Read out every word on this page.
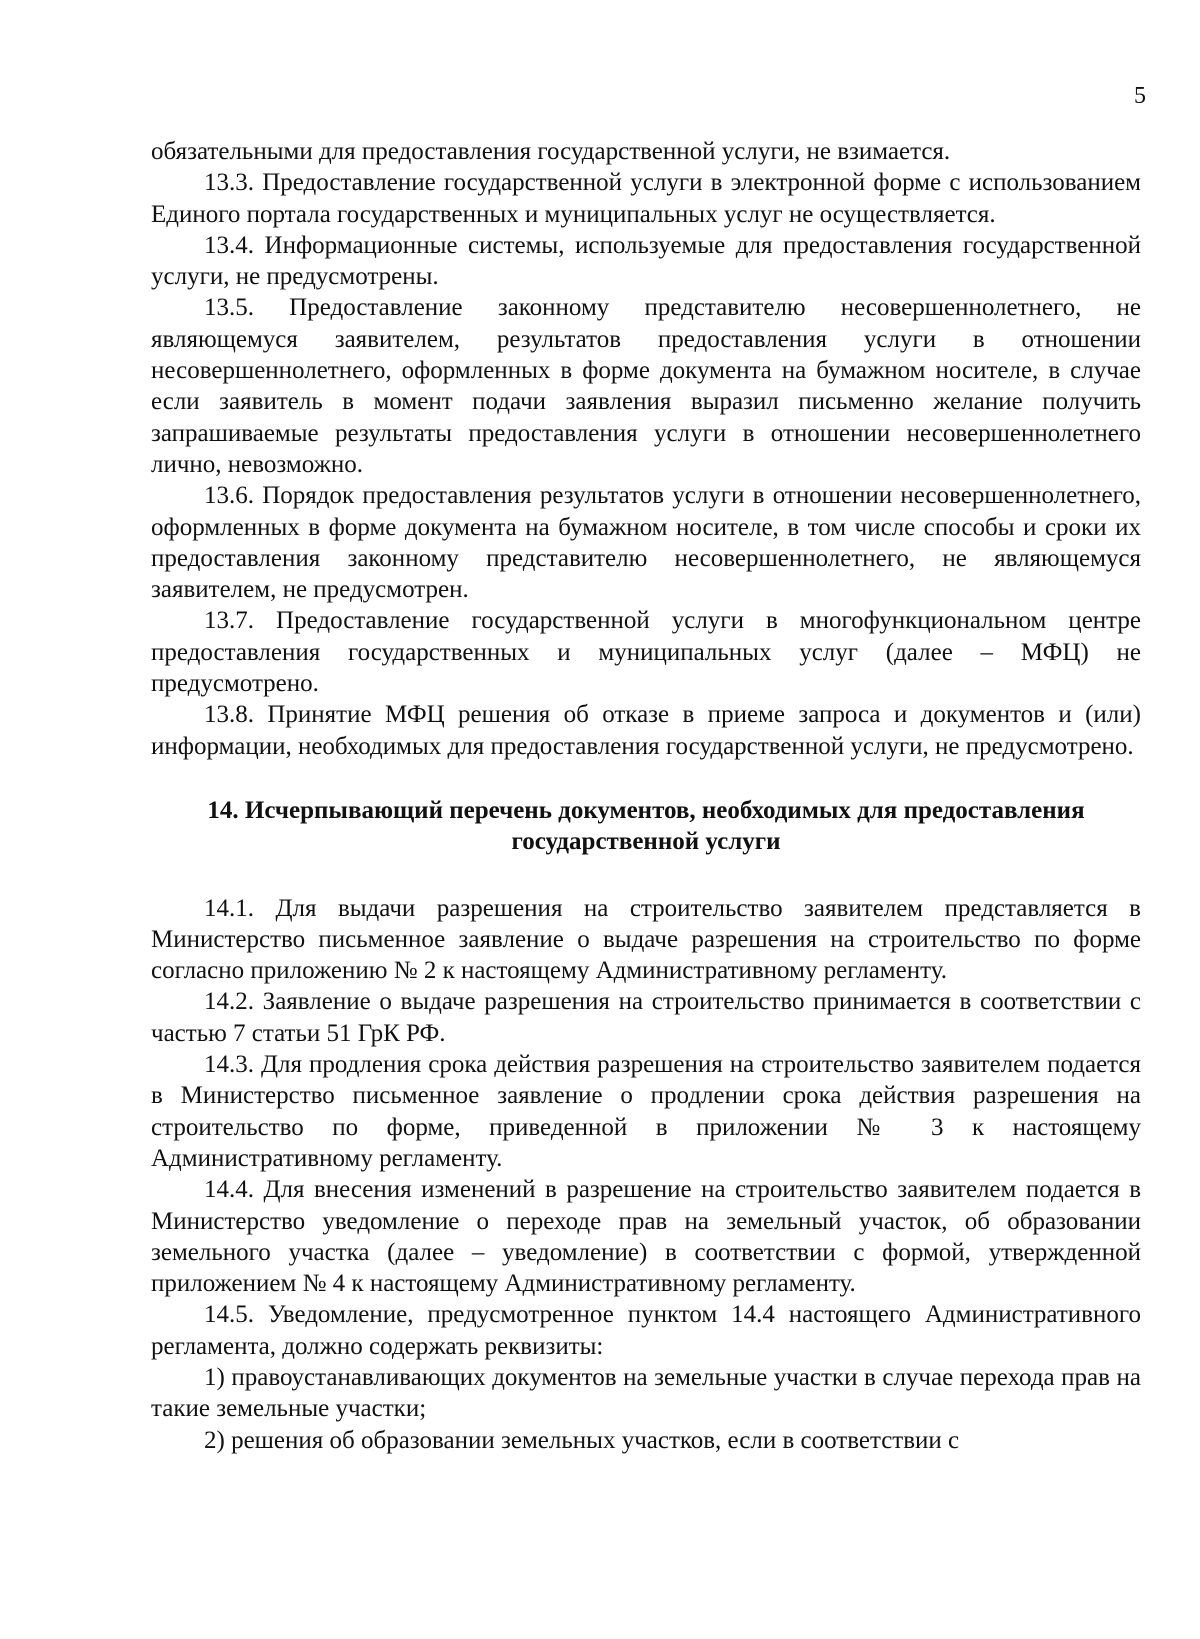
5

обязательными для предоставления государственной услуги, не взимается.

13.3. Предоставление государственной услуги в электронной форме с использованием Единого портала государственных и муниципальных услуг не осуществляется.

13.4. Информационные системы, используемые для предоставления государственной услуги, не предусмотрены.

13.5. Предоставление законному представителю несовершеннолетнего, не являющемуся заявителем, результатов предоставления услуги в отношении несовершеннолетнего, оформленных в форме документа на бумажном носителе, в случае если заявитель в момент подачи заявления выразил письменно желание получить запрашиваемые результаты предоставления услуги в отношении несовершеннолетнего лично, невозможно.

13.6. Порядок предоставления результатов услуги в отношении несовершеннолетнего, оформленных в форме документа на бумажном носителе, в том числе способы и сроки их предоставления законному представителю несовершеннолетнего, не являющемуся заявителем, не предусмотрен.

13.7. Предоставление государственной услуги в многофункциональном центре предоставления государственных и муниципальных услуг (далее – МФЦ) не предусмотрено.

13.8. Принятие МФЦ решения об отказе в приеме запроса и документов и (или) информации, необходимых для предоставления государственной услуги, не предусмотрено.

14. Исчерпывающий перечень документов, необходимых для предоставления
государственной услуги

14.1. Для выдачи разрешения на строительство заявителем представляется в Министерство письменное заявление о выдаче разрешения на строительство по форме согласно приложению № 2 к настоящему Административному регламенту.

14.2. Заявление о выдаче разрешения на строительство принимается в соответствии с частью 7 статьи 51 ГрК РФ.

14.3. Для продления срока действия разрешения на строительство заявителем подается в Министерство письменное заявление о продлении срока действия разрешения на строительство по форме, приведенной в приложении № 3 к настоящему Административному регламенту.

14.4. Для внесения изменений в разрешение на строительство заявителем подается в Министерство уведомление о переходе прав на земельный участок, об образовании земельного участка (далее – уведомление) в соответствии с формой, утвержденной приложением № 4 к настоящему Административному регламенту.

14.5. Уведомление, предусмотренное пунктом 14.4 настоящего Административного регламента, должно содержать реквизиты:

1) правоустанавливающих документов на земельные участки в случае перехода прав на такие земельные участки;

2) решения об образовании земельных участков, если в соответствии с
